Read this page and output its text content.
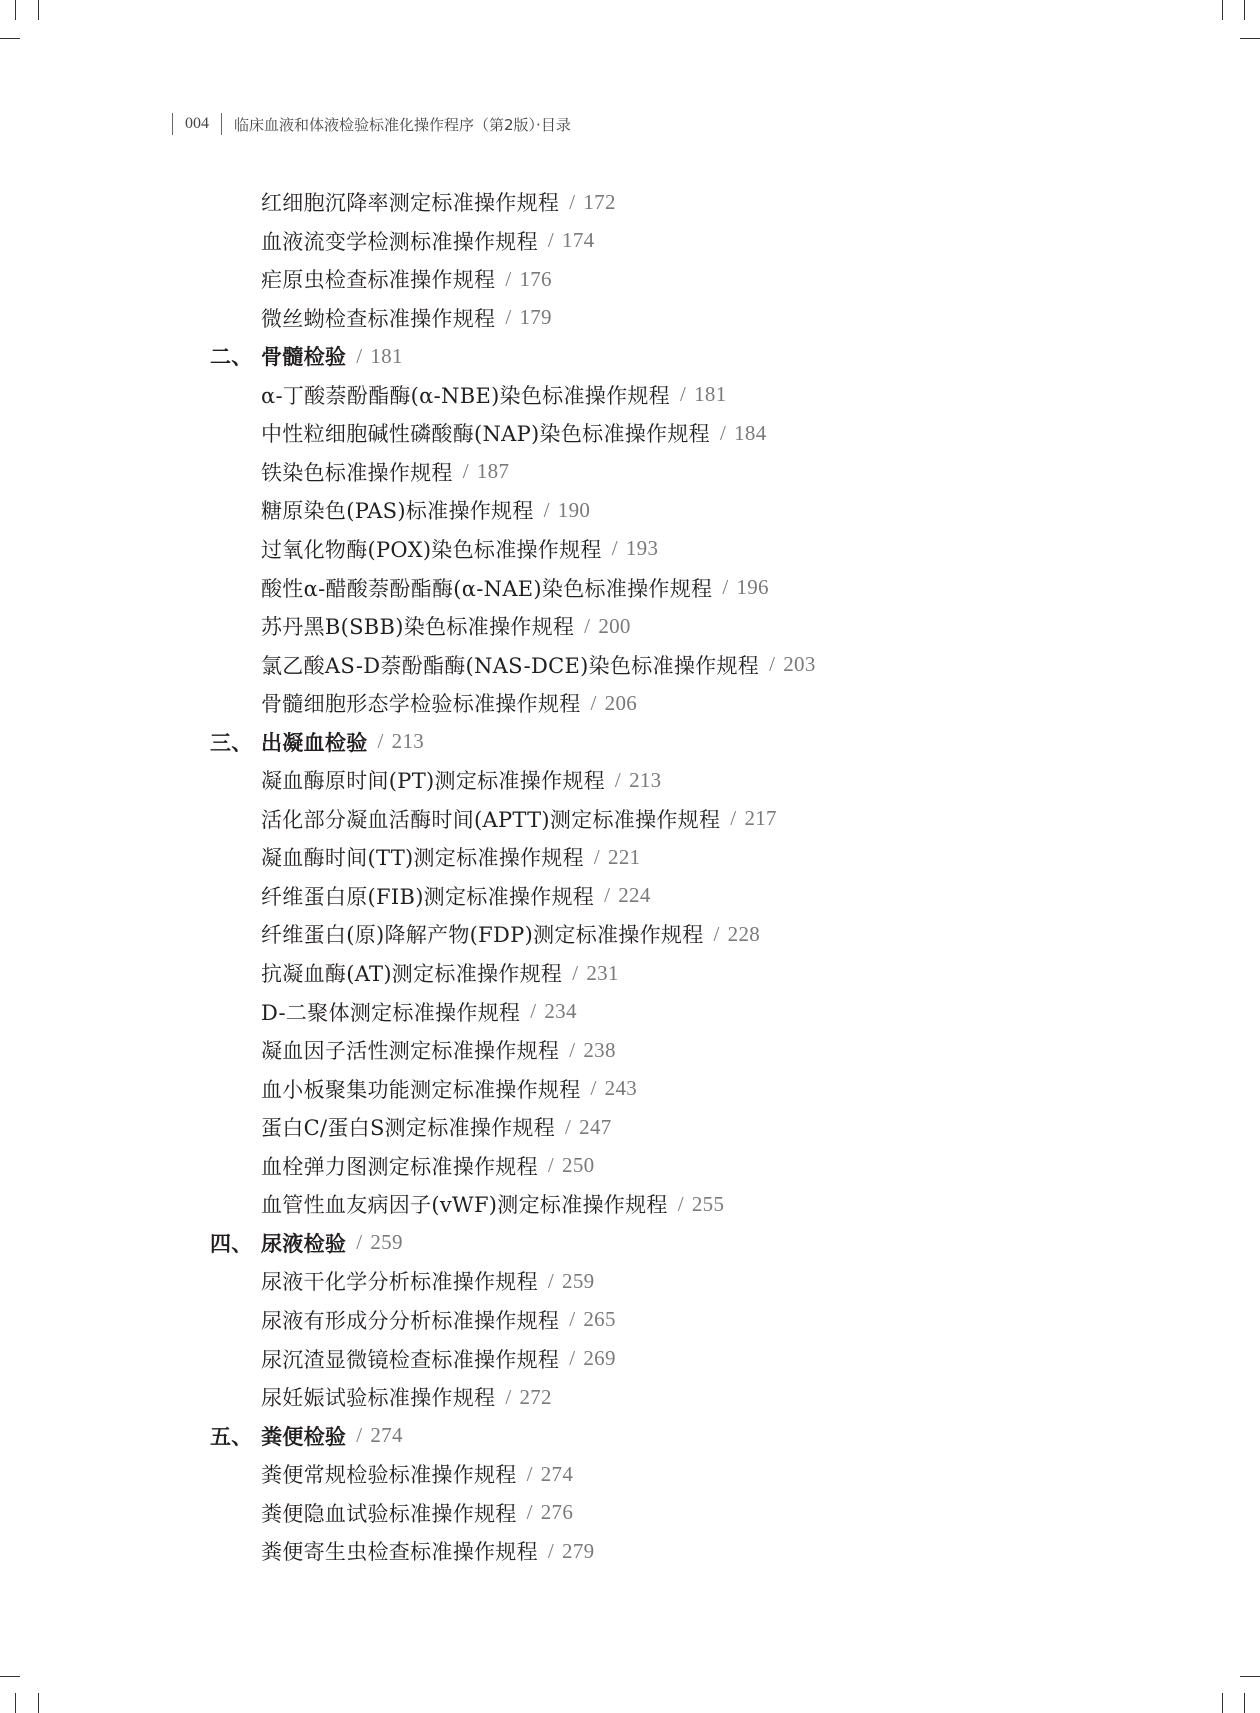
004 临床血液和体液检验标准化操作程序（第2版）·目录
红细胞沉降率测定标准操作规程 / 172
血液流变学检测标准操作规程 / 174
疟原虫检查标准操作规程 / 176
微丝蚴检查标准操作规程 / 179
二、 骨髓检验 / 181
α-丁酸萘酚酯酶(α-NBE)染色标准操作规程 / 181
中性粒细胞碱性磷酸酶(NAP)染色标准操作规程 / 184
铁染色标准操作规程 / 187
糖原染色(PAS)标准操作规程 / 190
过氧化物酶(POX)染色标准操作规程 / 193
酸性α-醋酸萘酚酯酶(α-NAE)染色标准操作规程 / 196
苏丹黑B(SBB)染色标准操作规程 / 200
氯乙酸AS-D萘酚酯酶(NAS-DCE)染色标准操作规程 / 203
骨髓细胞形态学检验标准操作规程 / 206
三、 出凝血检验 / 213
凝血酶原时间(PT)测定标准操作规程 / 213
活化部分凝血活酶时间(APTT)测定标准操作规程 / 217
凝血酶时间(TT)测定标准操作规程 / 221
纤维蛋白原(FIB)测定标准操作规程 / 224
纤维蛋白(原)降解产物(FDP)测定标准操作规程 / 228
抗凝血酶(AT)测定标准操作规程 / 231
D-二聚体测定标准操作规程 / 234
凝血因子活性测定标准操作规程 / 238
血小板聚集功能测定标准操作规程 / 243
蛋白C/蛋白S测定标准操作规程 / 247
血栓弹力图测定标准操作规程 / 250
血管性血友病因子(vWF)测定标准操作规程 / 255
四、 尿液检验 / 259
尿液干化学分析标准操作规程 / 259
尿液有形成分分析标准操作规程 / 265
尿沉渣显微镜检查标准操作规程 / 269
尿妊娠试验标准操作规程 / 272
五、 粪便检验 / 274
粪便常规检验标准操作规程 / 274
粪便隐血试验标准操作规程 / 276
粪便寄生虫检查标准操作规程 / 279
